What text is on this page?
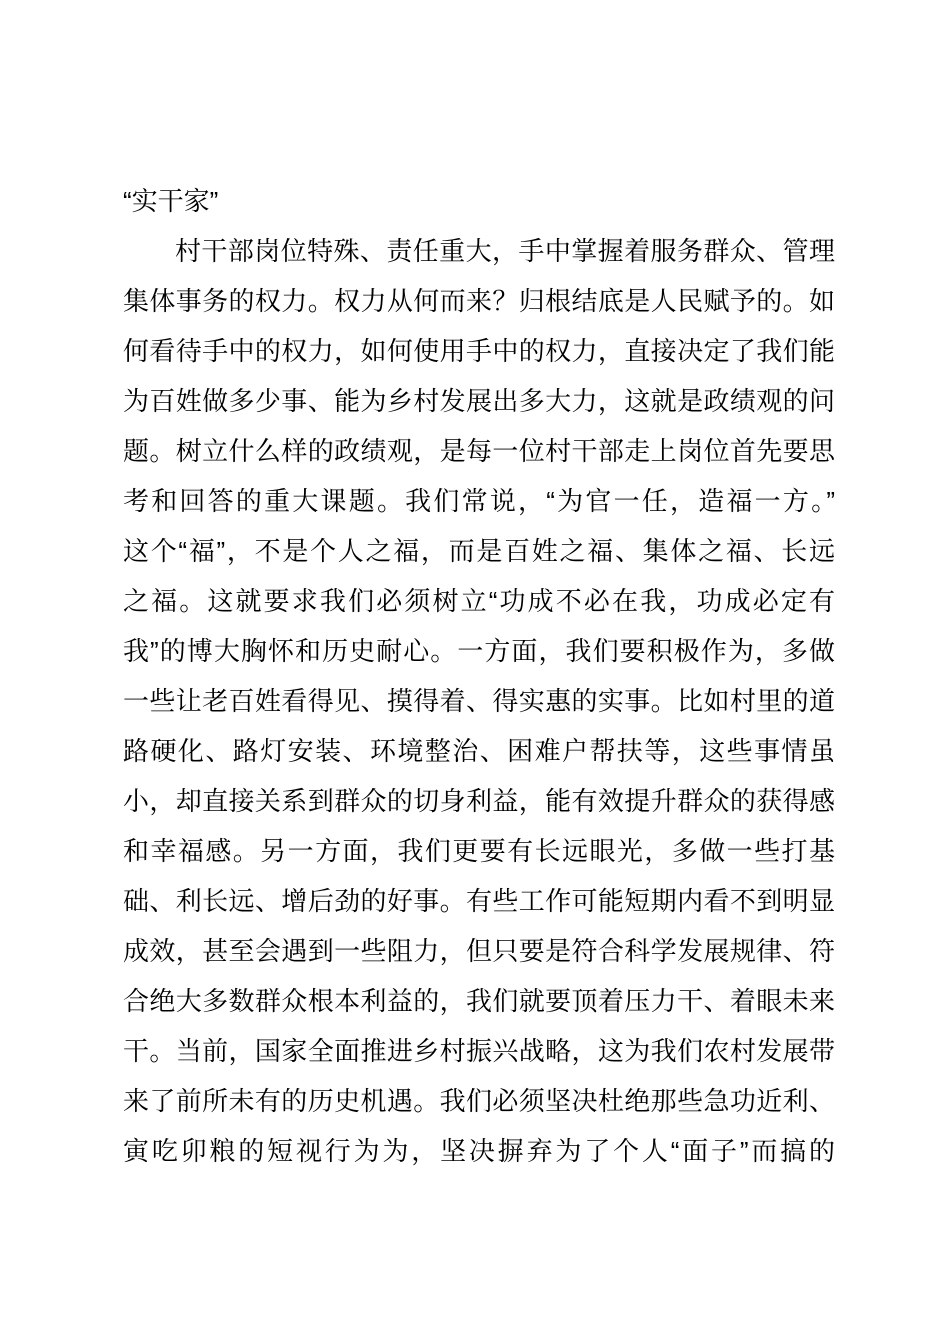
“实干家”
村干部岗位特殊、责任重大，手中掌握着服务群众、管理
集体事务的权力。权力从何而来？归根结底是人民赋予的。如
何看待手中的权力，如何使用手中的权力，直接决定了我们能
为百姓做多少事、能为乡村发展出多大力，这就是政绩观的问
题。树立什么样的政绩观，是每一位村干部走上岗位首先要思
考和回答的重大课题。我们常说，“为官一任，造福一方。”
这个“福”，不是个人之福，而是百姓之福、集体之福、长远
之福。这就要求我们必须树立“功成不必在我，功成必定有
我”的博大胸怀和历史耐心。一方面，我们要积极作为，多做
一些让老百姓看得见、摸得着、得实惠的实事。比如村里的道
路硬化、路灯安装、环境整治、困难户帮扶等，这些事情虽
小，却直接关系到群众的切身利益，能有效提升群众的获得感
和幸福感。另一方面，我们更要有长远眼光，多做一些打基
础、利长远、增后劲的好事。有些工作可能短期内看不到明显
成效，甚至会遇到一些阻力，但只要是符合科学发展规律、符
合绝大多数群众根本利益的，我们就要顶着压力干、着眼未来
干。当前，国家全面推进乡村振兴战略，这为我们农村发展带
来了前所未有的历史机遇。我们必须坚决杜绝那些急功近利、
寅吃卯粮的短视行为为，坚决摒弃为了个人“面子”而搞的
